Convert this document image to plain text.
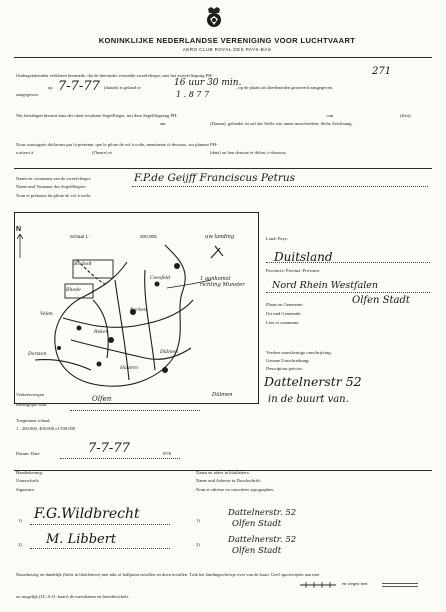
KONINKLIJKE NEDERLANDSE VERENIGING VOOR LUCHTVAART
AERO CLUB ROYAL DES PAYS-BAS
Ondergetekenden verklaren hiermede, dat de hieronder vermelde zweefvlieger, met het zweefvliegtuig PH-	271
op 7-7-77 (datum) is geland te	16 uur 30 min.
, op de plaats als hierbeneden gearceerd aangegeven.
aangegeven.
Wir bestätigen hiermit dass der oben erwähnte Segelflieger, mit dem Segelflugzeug PH-	, um	(Zeit),
am	(Datum), gelandet ist auf der Stelle wie unten umschrieben, Siehe Zeichnung.
1 . 8 7 7
Nous soussignés déclarons par la présente, que le pilote de vol à voile, mentionné ci-dessous, sur planeur PH-
a atterri à	(l'heure) et	(date) au lieu dessiné et défini ci-dessous.
Naam en voornaam van de zweefvlieger:
Name und Vorname des Segelfliegers:
Nom et prénoms du pilote de vol à voile:
F.P.de Geijff Franciscus Petrus
N
Schaal 1 :	200.000
Bocholt
Rhede
Borken
Coesfeld
Dülmen
Haltern
Dorsten
Reken
Velen
uw landing
1 aankomst richting Munster
Verkeerswegen
Belangrijke stad:
Olfen	Dülmen
Toegestane schaal:
1 : 200.000, 400.000 of 500.000
Datum: Date	7-7-77	1976
Land: Pays:
Duitsland
Provincie: Provinz: Province:
Nord Rhein Westfalen
Plaats en Gemeente:
Ort und Gemeinde:
Lieu et commune:
Olfen Stadt
Verdere nauwkeurige omschrijving:
Genaue Umschreibung:
Description précise:
Dattelnerstr 52
in de buurt van.
Handtekening:
Unterschrift:
Signature:
1) F.G.Wildbrecht
2) M. Libbert
Naam en adres in blokletters:
Name und Adresse in Druckschrift:
Nom et adresse en caractères typographes:
1)
Dattelnerstr. 52
Olfen Stadt
2)	Dattelnerstr. 52
Olfen Stadt
Nauwkeurig en duidelijk (liefst in blokletters) met inkt of ballpoint invullen en doen invullen. Trek het landingsschetsje over van de kaart. Geef spoorwijzen aan met
zo mogelijk (I.C.A.O.-kaart) de meridianen en breedtecirkels.
en wegen met
